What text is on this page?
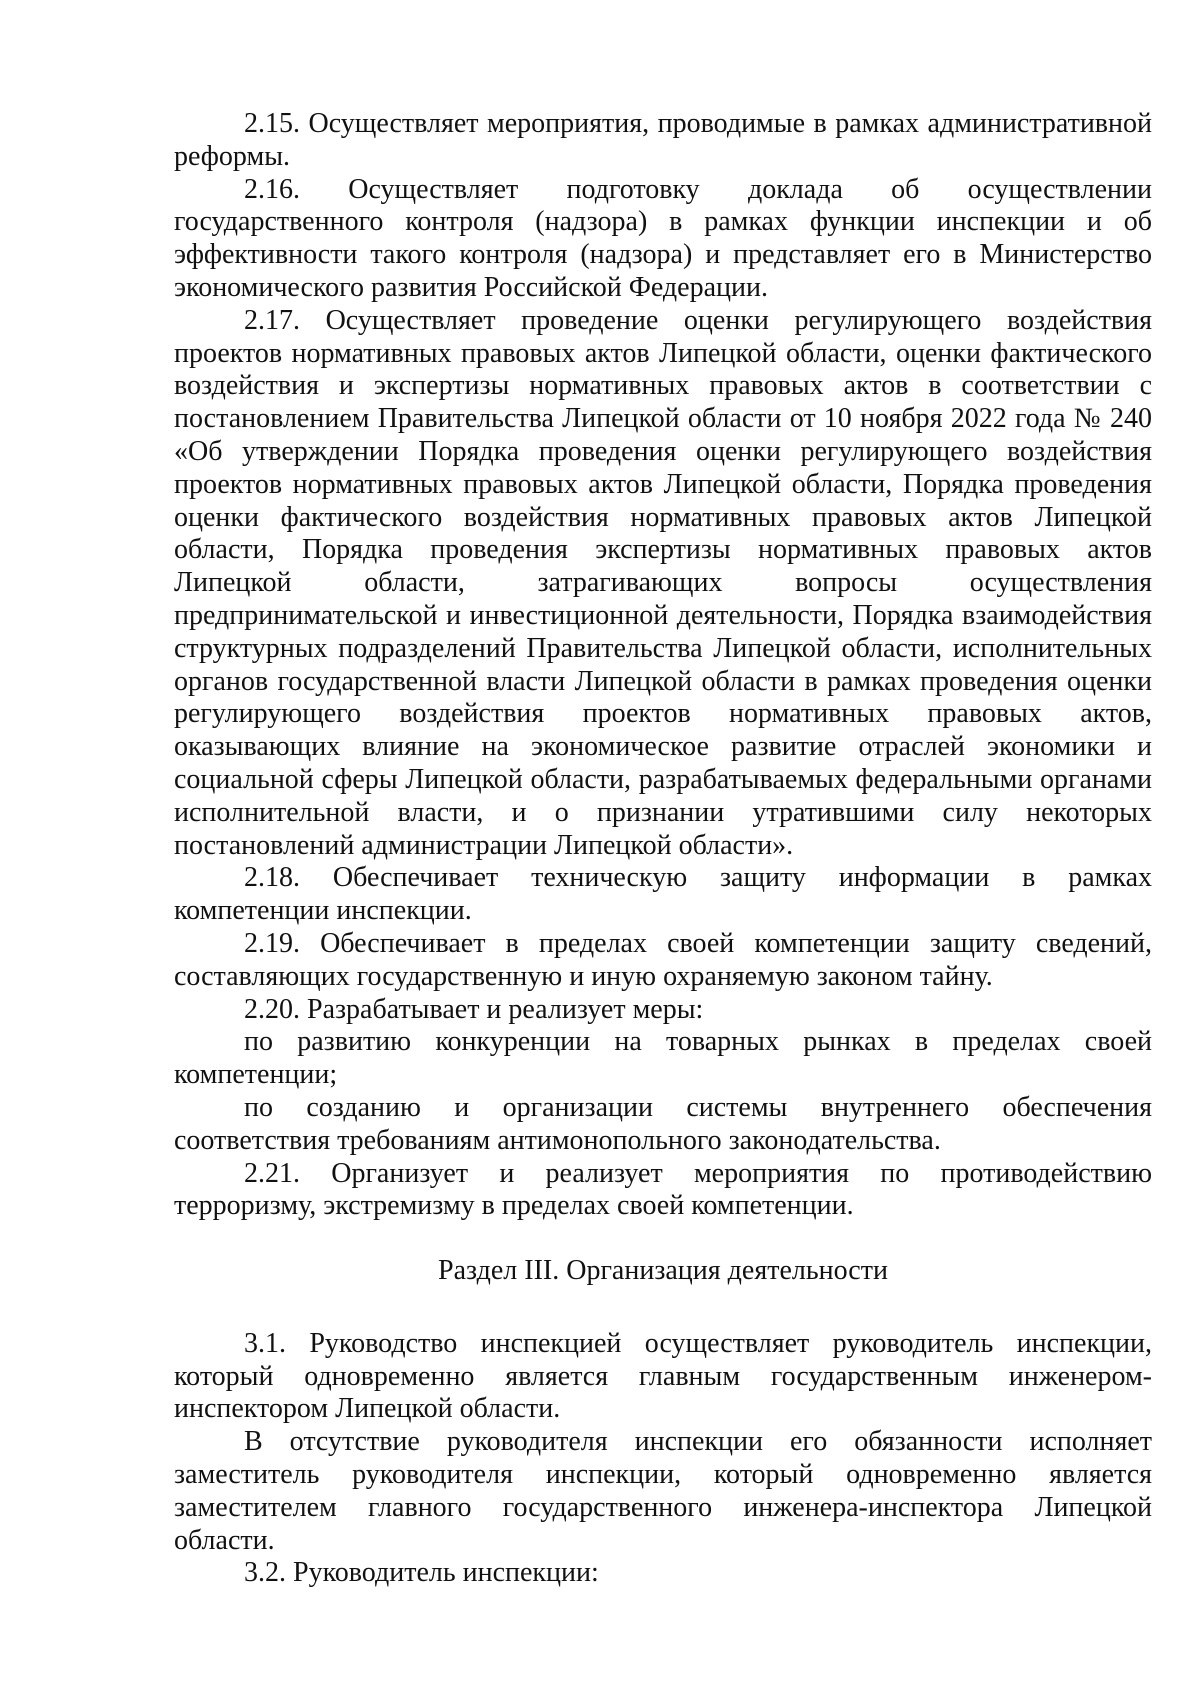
2.15. Осуществляет мероприятия, проводимые в рамках административной реформы.

2.16. Осуществляет подготовку доклада об осуществлении государственного контроля (надзора) в рамках функции инспекции и об эффективности такого контроля (надзора) и представляет его в Министерство экономического развития Российской Федерации.

2.17. Осуществляет проведение оценки регулирующего воздействия проектов нормативных правовых актов Липецкой области, оценки фактического воздействия и экспертизы нормативных правовых актов в соответствии с постановлением Правительства Липецкой области от 10 ноября 2022 года № 240 «Об утверждении Порядка проведения оценки регулирующего воздействия проектов нормативных правовых актов Липецкой области, Порядка проведения оценки фактического воздействия нормативных правовых актов Липецкой области, Порядка проведения экспертизы нормативных правовых актов Липецкой области, затрагивающих вопросы осуществления предпринимательской и инвестиционной деятельности, Порядка взаимодействия структурных подразделений Правительства Липецкой области, исполнительных органов государственной власти Липецкой области в рамках проведения оценки регулирующего воздействия проектов нормативных правовых актов, оказывающих влияние на экономическое развитие отраслей экономики и социальной сферы Липецкой области, разрабатываемых федеральными органами исполнительной власти, и о признании утратившими силу некоторых постановлений администрации Липецкой области».

2.18. Обеспечивает техническую защиту информации в рамках компетенции инспекции.

2.19. Обеспечивает в пределах своей компетенции защиту сведений, составляющих государственную и иную охраняемую законом тайну.

2.20. Разрабатывает и реализует меры:

по развитию конкуренции на товарных рынках в пределах своей компетенции;

по созданию и организации системы внутреннего обеспечения соответствия требованиям антимонопольного законодательства.

2.21. Организует и реализует мероприятия по противодействию терроризму, экстремизму в пределах своей компетенции.

Раздел III. Организация деятельности

3.1. Руководство инспекцией осуществляет руководитель инспекции, который одновременно является главным государственным инженером-инспектором Липецкой области.

В отсутствие руководителя инспекции его обязанности исполняет заместитель руководителя инспекции, который одновременно является заместителем главного государственного инженера-инспектора Липецкой области.

3.2. Руководитель инспекции:
